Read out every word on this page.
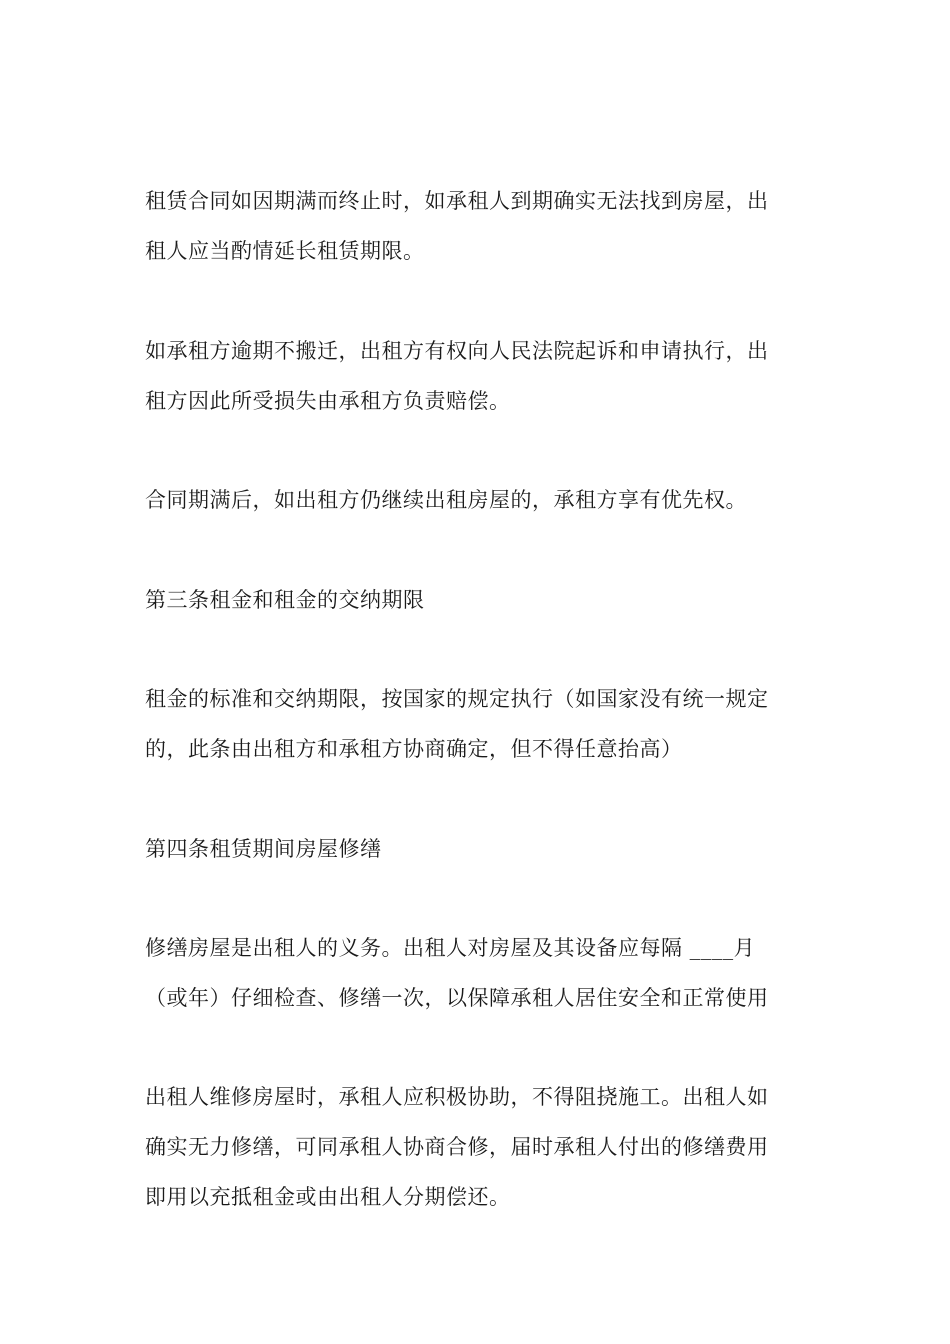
租赁合同如因期满而终止时，如承租人到期确实无法找到房屋，出
租人应当酌情延长租赁期限。

如承租方逾期不搬迁，出租方有权向人民法院起诉和申请执行，出
租方因此所受损失由承租方负责赔偿。

合同期满后，如出租方仍继续出租房屋的，承租方享有优先权。

第三条租金和租金的交纳期限

租金的标准和交纳期限，按国家的规定执行（如国家没有统一规定
的，此条由出租方和承租方协商确定，但不得任意抬高）

第四条租赁期间房屋修缮

修缮房屋是出租人的义务。出租人对房屋及其设备应每隔 ____月
（或年）仔细检查、修缮一次，以保障承租人居住安全和正常使用

出租人维修房屋时，承租人应积极协助，不得阻挠施工。出租人如
确实无力修缮，可同承租人协商合修，届时承租人付出的修缮费用
即用以充抵租金或由出租人分期偿还。
